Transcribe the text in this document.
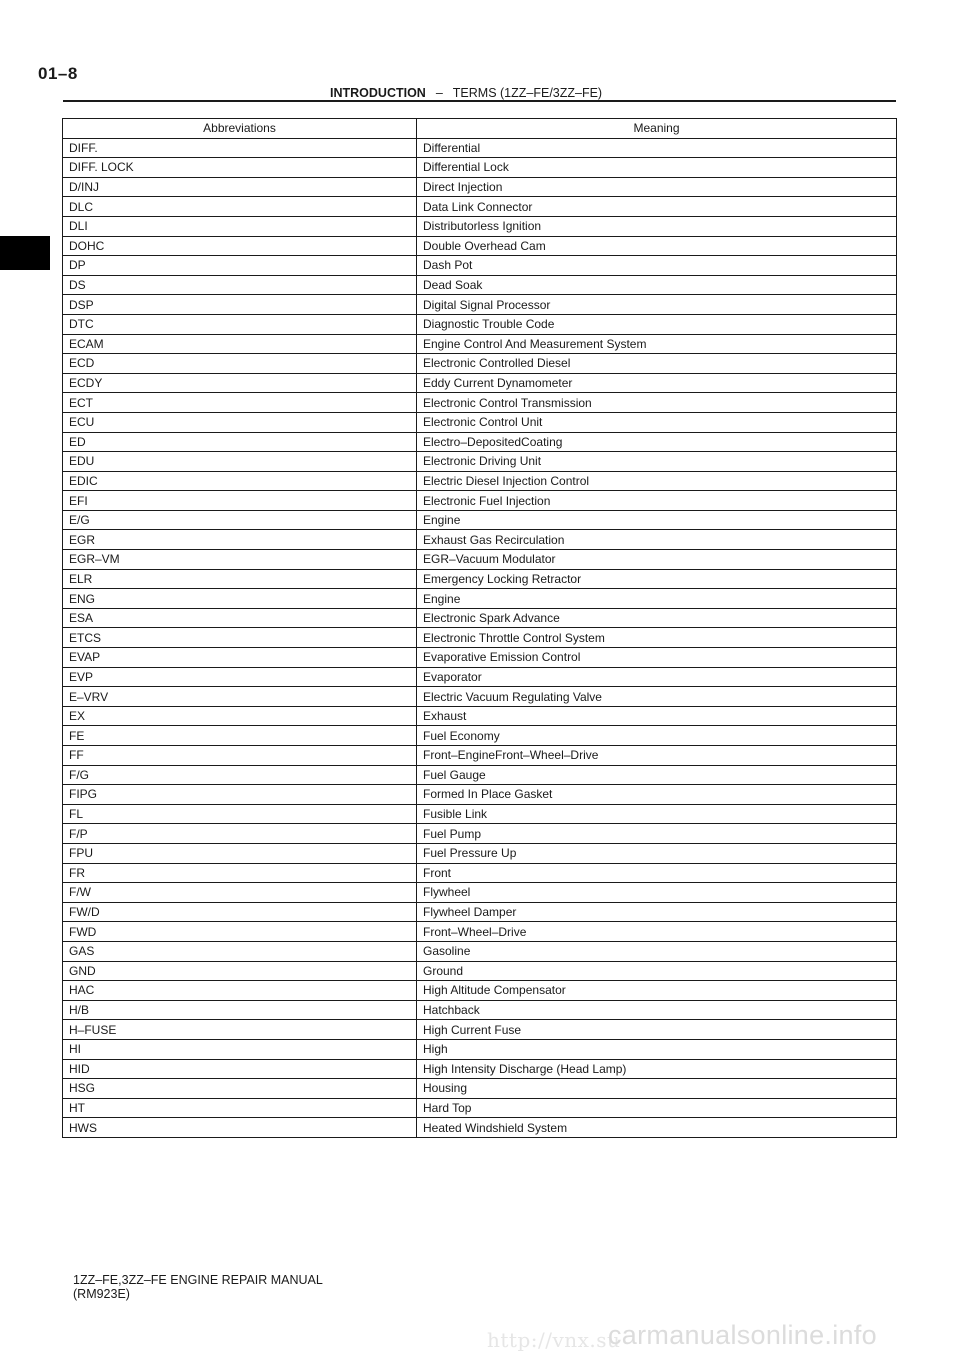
01–8
INTRODUCTION – TERMS (1ZZ–FE/3ZZ–FE)
Abbreviations	Meaning
DIFF.	Differential
DIFF. LOCK	Differential Lock
D/INJ	Direct Injection
DLC	Data Link Connector
DLI	Distributorless Ignition
DOHC	Double Overhead Cam
DP	Dash Pot
DS	Dead Soak
DSP	Digital Signal Processor
DTC	Diagnostic Trouble Code
ECAM	Engine Control And Measurement System
ECD	Electronic Controlled Diesel
ECDY	Eddy Current Dynamometer
ECT	Electronic Control Transmission
ECU	Electronic Control Unit
ED	Electro–DepositedCoating
EDU	Electronic Driving Unit
EDIC	Electric Diesel Injection Control
EFI	Electronic Fuel Injection
E/G	Engine
EGR	Exhaust Gas Recirculation
EGR–VM	EGR–Vacuum Modulator
ELR	Emergency Locking Retractor
ENG	Engine
ESA	Electronic Spark Advance
ETCS	Electronic Throttle Control System
EVAP	Evaporative Emission Control
EVP	Evaporator
E–VRV	Electric Vacuum Regulating Valve
EX	Exhaust
FE	Fuel Economy
FF	Front–EngineFront–Wheel–Drive
F/G	Fuel Gauge
FIPG	Formed In Place Gasket
FL	Fusible Link
F/P	Fuel Pump
FPU	Fuel Pressure Up
FR	Front
F/W	Flywheel
FW/D	Flywheel Damper
FWD	Front–Wheel–Drive
GAS	Gasoline
GND	Ground
HAC	High Altitude Compensator
H/B	Hatchback
H–FUSE	High Current Fuse
HI	High
HID	High Intensity Discharge (Head Lamp)
HSG	Housing
HT	Hard Top
HWS	Heated Windshield System
1ZZ–FE,3ZZ–FE ENGINE REPAIR MANUAL
(RM923E)
http://vnx.su
carmanualsonline.info
